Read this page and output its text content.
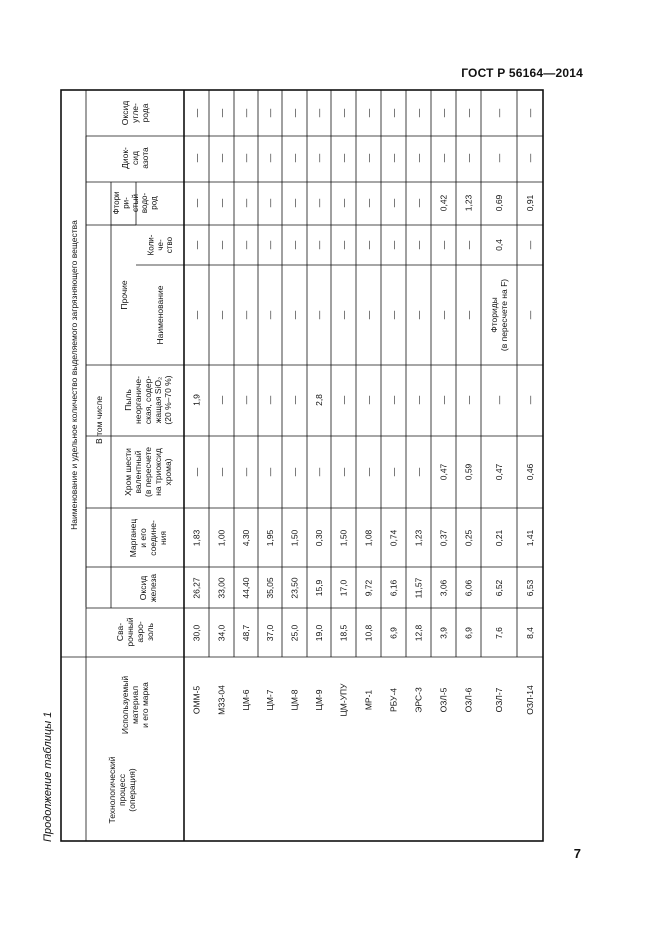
ГОСТ Р 56164—2014
Продолжение таблицы 1
7
Технологическийпроцесс(операция)
Используемыйматериали его марка
Сва-рочныйаэро-золь
Наименование и удельное количество выделяемого загрязняющего вещества В том числе
Оксиджелеза
Марганеци егосоедине-ния
Хром шестивалентный(в пересчетена триоксидхрома)
Пыльнеорганиче-ская, содер-жащая SiO₂(20 %–70 %)
Прочие	Наименование
Коли-че-ство
Фторири-стыйводо-род
Диок-сидазота
Оксидугле-рода
ОММ-5
30,0
26,27
1,83
—
1,9
—
—
—
—
—
МЗЗ-04
34,0
33,00
1,00
—
—
—
—
—
—
—
ЦМ-6
48,7
44,40
4,30
—
—
—
—
—
—
—
ЦМ-7
37,0
35,05
1,95
—
—
—
—
—
—
—
ЦМ-8
25,0
23,50
1,50
—
—
—
—
—
—
—
ЦМ-9
19,0
15,9
0,30
—
2,8
—
—
—
—
—
ЦМ-УПУ
18,5
17,0
1,50
—
—
—
—
—
—
—
МР-1
10,8
9,72
1,08
—
—
—
—
—
—
—
РБУ-4
6,9
6,16
0,74
—
—
—
—
—
—
—
ЭРС-3
12,8
11,57
1,23
—
—
—
—
—
—
—
ОЗЛ-5
3,9
3,06
0,37
0,47
—
—
—
0,42
—
—
ОЗЛ-6
6,9
6,06
0,25
0,59
—
—
—
1,23
—
—
ОЗЛ-7
7,6
6,52
0,21
0,47
—
Фториды(в пересчете на F)
0,4
0,69
—
—
ОЗЛ-14
8,4
6,53
1,41
0,46
—
—
—
0,91
—
—
